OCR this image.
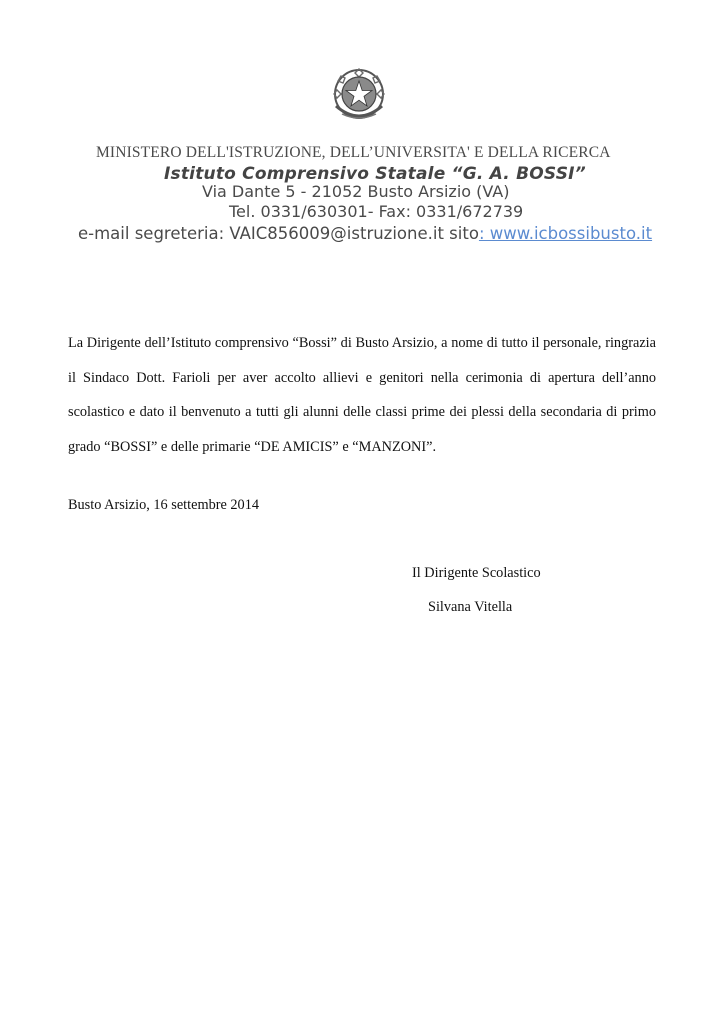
MINISTERO DELL'ISTRUZIONE, DELL’UNIVERSITA' E DELLA RICERCA
Istituto Comprensivo Statale “G. A. BOSSI”
Via Dante 5 - 21052 Busto Arsizio (VA)
Tel. 0331/630301- Fax: 0331/672739
e-mail segreteria: VAIC856009@istruzione.it sito: www.icbossibusto.it

La Dirigente dell’Istituto comprensivo “Bossi” di Busto Arsizio, a nome di tutto il personale, ringrazia il Sindaco Dott. Farioli per aver accolto allievi e genitori nella cerimonia di apertura dell’anno scolastico e dato il benvenuto a tutti gli alunni delle classi prime dei plessi della secondaria di primo grado “BOSSI” e delle primarie “DE AMICIS” e “MANZONI”.

Busto Arsizio, 16 settembre 2014
Il Dirigente Scolastico
Silvana Vitella
